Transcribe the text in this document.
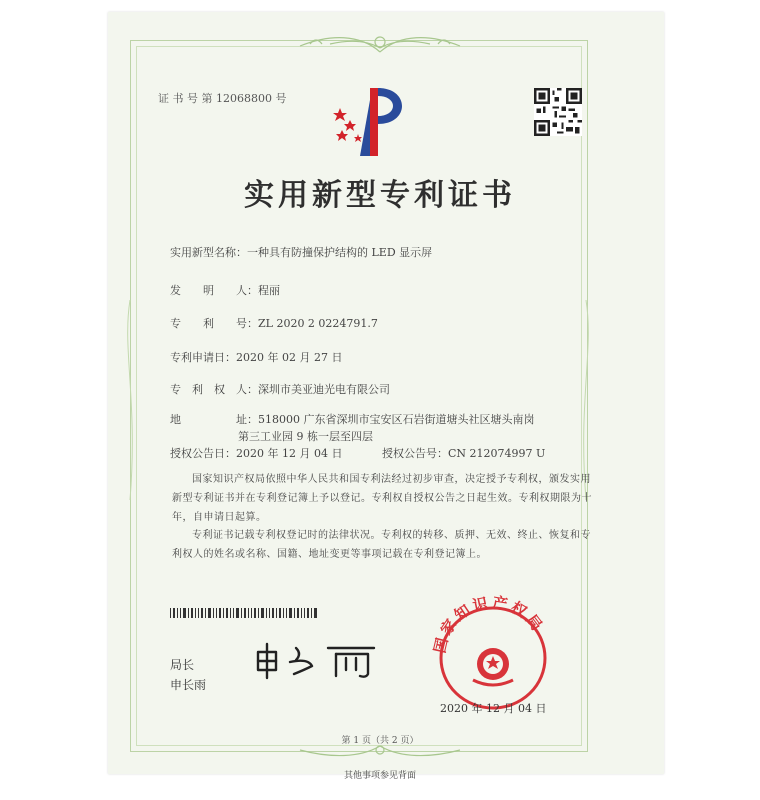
证 书 号 第 12068800 号
实用新型专利证书
实用新型名称：一种具有防撞保护结构的 LED 显示屏
发　　明　　人：程丽
专　　利　　号：ZL 2020 2 0224791.7
专利申请日：2020 年 02 月 27 日
专　利　权　人：深圳市美亚迪光电有限公司
地　　　　　址：518000 广东省深圳市宝安区石岩街道塘头社区塘头南岗
第三工业园 9 栋一层至四层
授权公告日：2020 年 12 月 04 日	授权公告号：CN 212074997 U
国家知识产权局依照中华人民共和国专利法经过初步审查，决定授予专利权，颁发实用新型专利证书并在专利登记簿上予以登记。专利权自授权公告之日起生效。专利权期限为十年，自申请日起算。
专利证书记载专利权登记时的法律状况。专利权的转移、质押、无效、终止、恢复和专利权人的姓名或名称、国籍、地址变更等事项记载在专利登记簿上。
局长
申长雨
国家知识产权局
2020 年 12 月 04 日
第 1 页（共 2 页）
其他事项参见背面
